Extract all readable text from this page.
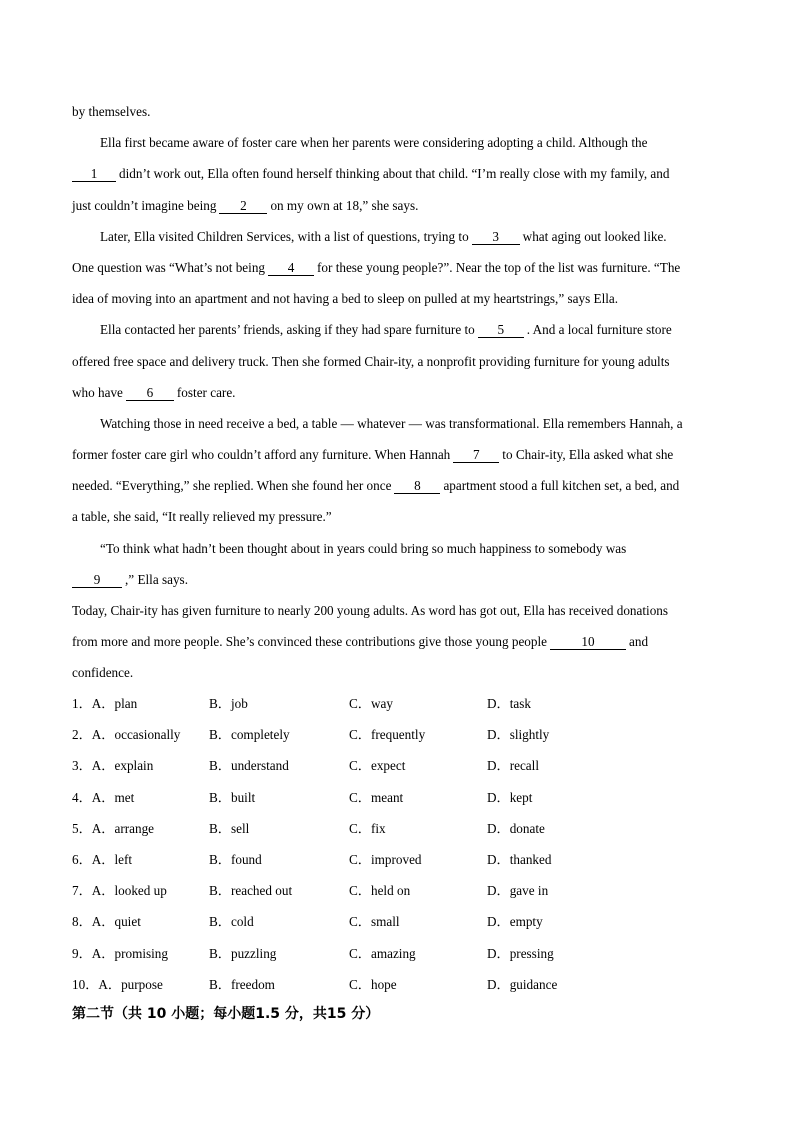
by themselves.
Ella first became aware of foster care when her parents were considering adopting a child. Although the
1 didn’t work out, Ella often found herself thinking about that child. “I’m really close with my family, and
just couldn’t imagine being 2 on my own at 18,” she says.
Later, Ella visited Children Services, with a list of questions, trying to 3 what aging out looked like.
One question was “What’s not being 4 for these young people?”. Near the top of the list was furniture. “The
idea of moving into an apartment and not having a bed to sleep on pulled at my heartstrings,” says Ella.
Ella contacted her parents’ friends, asking if they had spare furniture to 5 . And a local furniture store
offered free space and delivery truck. Then she formed Chair-ity, a nonprofit providing furniture for young adults
who have 6 foster care.
Watching those in need receive a bed, a table — whatever — was transformational. Ella remembers Hannah, a
former foster care girl who couldn’t afford any furniture. When Hannah 7 to Chair-ity, Ella asked what she
needed. “Everything,” she replied. When she found her once 8 apartment stood a full kitchen set, a bed, and
a table, she said, “It really relieved my pressure.”
“To think what hadn’t been thought about in years could bring so much happiness to somebody was
9 ,” Ella says.
Today, Chair-ity has given furniture to nearly 200 young adults. As word has got out, Ella has received donations
from more and more people. She’s convinced these contributions give those young people	10	and
confidence.
1．A．plan	B．job	C．way	D．task
2．A．occasionally B．completely	C．frequently	D．slightly
3．A．explain	B．understand	C．expect	D．recall
4．A．met	B．built	C．meant	D．kept
5．A．arrange	B．sell	C．fix	D．donate
6．A．left	B．found	C．improved	D．thanked
7．A．looked up	B．reached out	C．held on	D．gave in
8．A．quiet	B．cold	C．small	D．empty
9．A．promising	B．puzzling	C．amazing	D．pressing
10．A．purpose	B．freedom	C．hope	D．guidance
第二节（共 10 小题；每小题1.5 分，共15 分）
